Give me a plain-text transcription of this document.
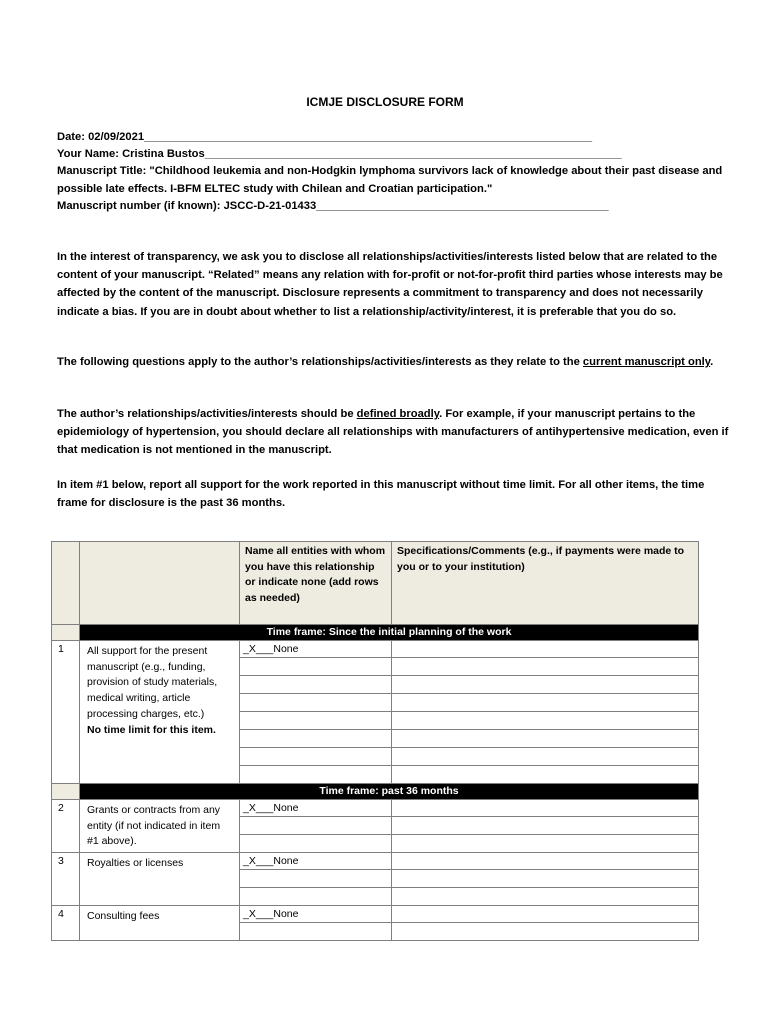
ICMJE DISCLOSURE FORM
Date: 02/09/2021________________________________________________________________________
Your Name: Cristina Bustos___________________________________________________________________
Manuscript Title: "Childhood leukemia and non-Hodgkin lymphoma survivors lack of knowledge about their past disease and possible late effects. I-BFM ELTEC study with Chilean and Croatian participation."
Manuscript number (if known): JSCC-D-21-01433_______________________________________________
In the interest of transparency, we ask you to disclose all relationships/activities/interests listed below that are related to the content of your manuscript. “Related” means any relation with for-profit or not-for-profit third parties whose interests may be affected by the content of the manuscript. Disclosure represents a commitment to transparency and does not necessarily indicate a bias. If you are in doubt about whether to list a relationship/activity/interest, it is preferable that you do so.
The following questions apply to the author’s relationships/activities/interests as they relate to the current manuscript only.
The author’s relationships/activities/interests should be defined broadly. For example, if your manuscript pertains to the epidemiology of hypertension, you should declare all relationships with manufacturers of antihypertensive medication, even if that medication is not mentioned in the manuscript.
In item #1 below, report all support for the work reported in this manuscript without time limit. For all other items, the time frame for disclosure is the past 36 months.
		Name all entities with whom you have this relationship or indicate none (add rows as needed)	Specifications/Comments (e.g., if payments were made to you or to your institution)
	Time frame: Since the initial planning of the work		
1	All support for the present manuscript (e.g., funding, provision of study materials, medical writing, article processing charges, etc.)
No time limit for this item.	_X___None	

	Time frame: past 36 months		
2	Grants or contracts from any entity (if not indicated in item #1 above).	_X___None	

3	Royalties or licenses	_X___None	

4	Consulting fees	_X___None	
